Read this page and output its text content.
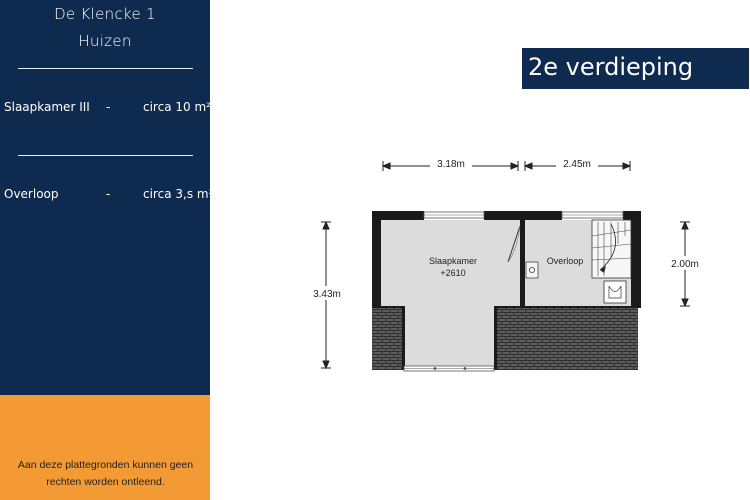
De Klencke 1
Huizen
Slaapkamer III -	circa 10 m²
Overloop	-	circa 3,s m²
Aan deze plattegronden kunnen geen
rechten worden ontleend.
2e verdieping
3.18m	2.45m
3.43m
2.00m
Slaapkamer
+2610
Overloop
